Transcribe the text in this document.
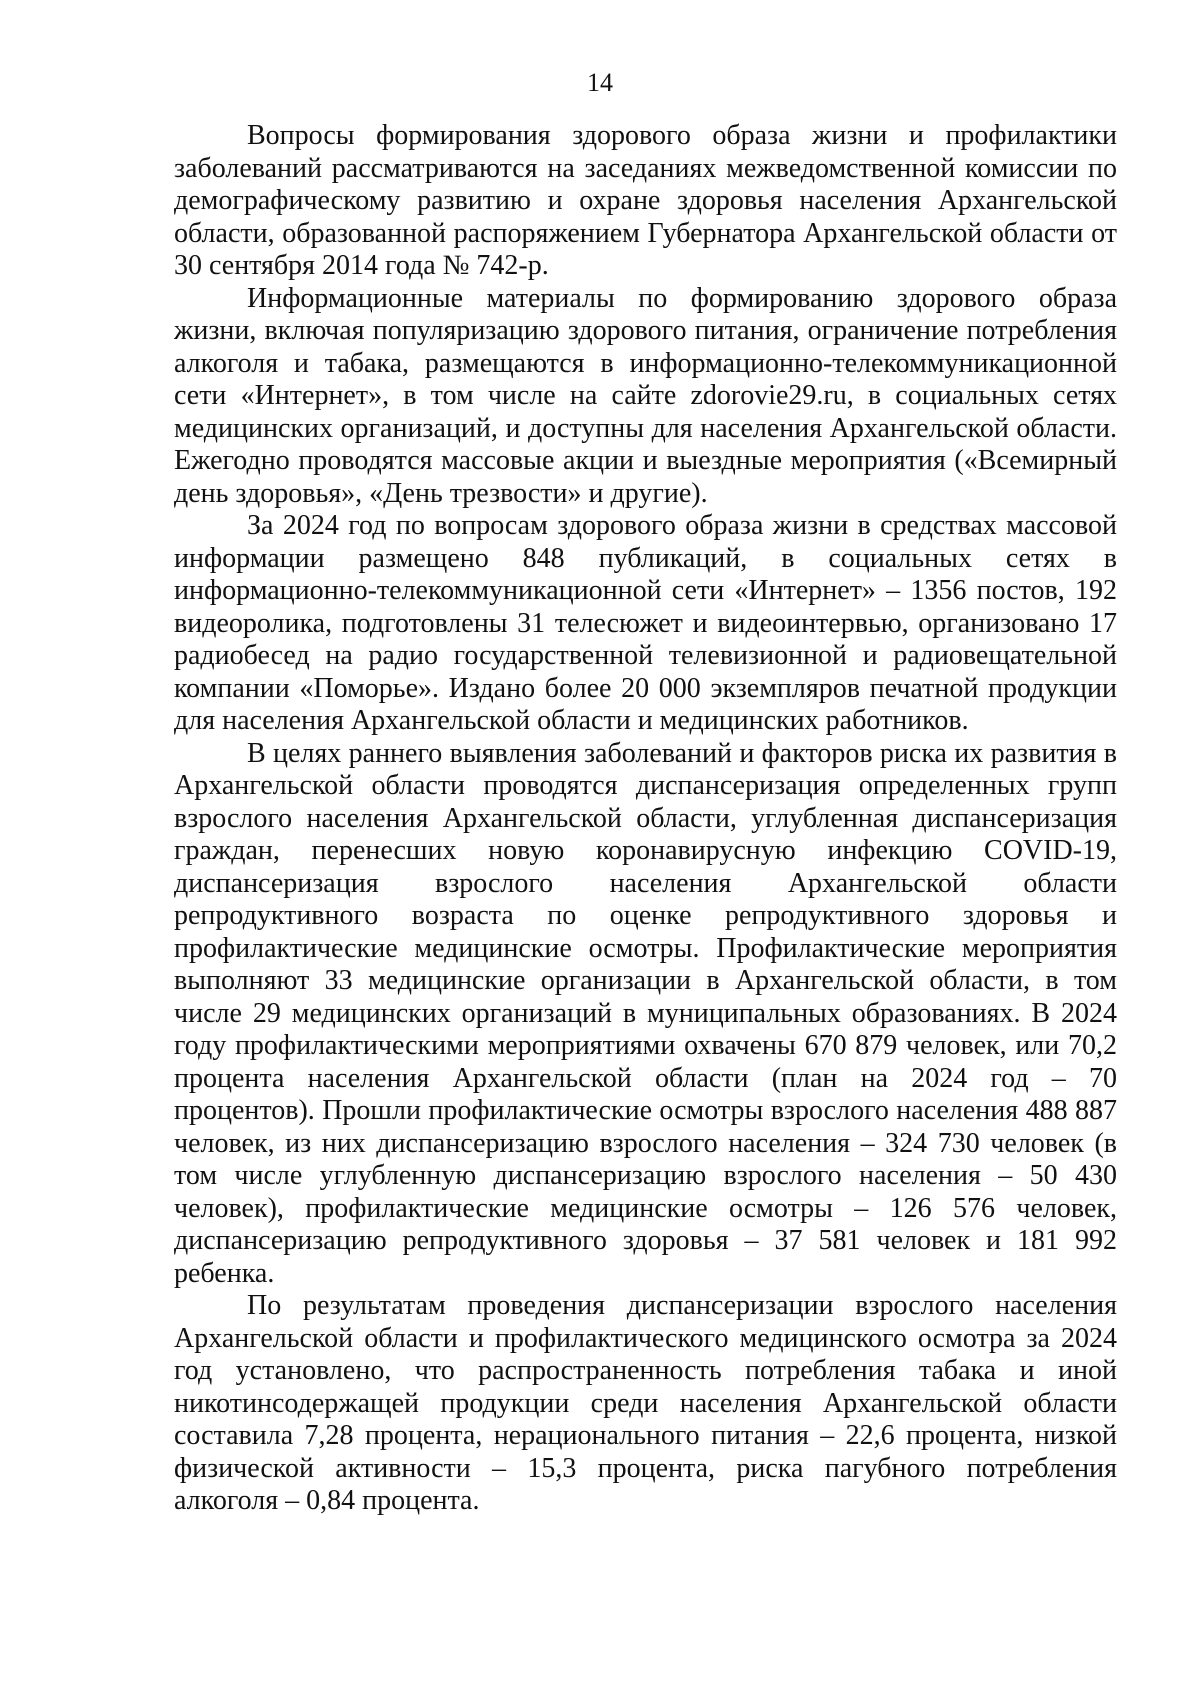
14

Вопросы формирования здорового образа жизни и профилактики заболеваний рассматриваются на заседаниях межведомственной комиссии по демографическому развитию и охране здоровья населения Архангельской области, образованной распоряжением Губернатора Архангельской области от 30 сентября 2014 года № 742-р.

Информационные материалы по формированию здорового образа жизни, включая популяризацию здорового питания, ограничение потребления алкоголя и табака, размещаются в информационно-телекоммуникационной сети «Интернет», в том числе на сайте zdorovie29.ru, в социальных сетях медицинских организаций, и доступны для населения Архангельской области. Ежегодно проводятся массовые акции и выездные мероприятия («Всемирный день здоровья», «День трезвости» и другие).

За 2024 год по вопросам здорового образа жизни в средствах массовой информации размещено 848 публикаций, в социальных сетях в информационно-телекоммуникационной сети «Интернет» – 1356 постов, 192 видеоролика, подготовлены 31 телесюжет и видеоинтервью, организовано 17 радиобесед на радио государственной телевизионной и радиовещательной компании «Поморье». Издано более 20 000 экземпляров печатной продукции для населения Архангельской области и медицинских работников.

В целях раннего выявления заболеваний и факторов риска их развития в Архангельской области проводятся диспансеризация определенных групп взрослого населения Архангельской области, углубленная диспансеризация граждан, перенесших новую коронавирусную инфекцию COVID-19, диспансеризация взрослого населения Архангельской области репродуктивного возраста по оценке репродуктивного здоровья и профилактические медицинские осмотры. Профилактические мероприятия выполняют 33 медицинские организации в Архангельской области, в том числе 29 медицинских организаций в муниципальных образованиях. В 2024 году профилактическими мероприятиями охвачены 670 879 человек, или 70,2 процента населения Архангельской области (план на 2024 год – 70 процентов). Прошли профилактические осмотры взрослого населения 488 887 человек, из них диспансеризацию взрослого населения – 324 730 человек (в том числе углубленную диспансеризацию взрослого населения – 50 430 человек), профилактические медицинские осмотры – 126 576 человек, диспансеризацию репродуктивного здоровья – 37 581 человек и 181 992 ребенка.

По результатам проведения диспансеризации взрослого населения Архангельской области и профилактического медицинского осмотра за 2024 год установлено, что распространенность потребления табака и иной никотинсодержащей продукции среди населения Архангельской области составила 7,28 процента, нерационального питания – 22,6 процента, низкой физической активности – 15,3 процента, риска пагубного потребления алкоголя – 0,84 процента.
